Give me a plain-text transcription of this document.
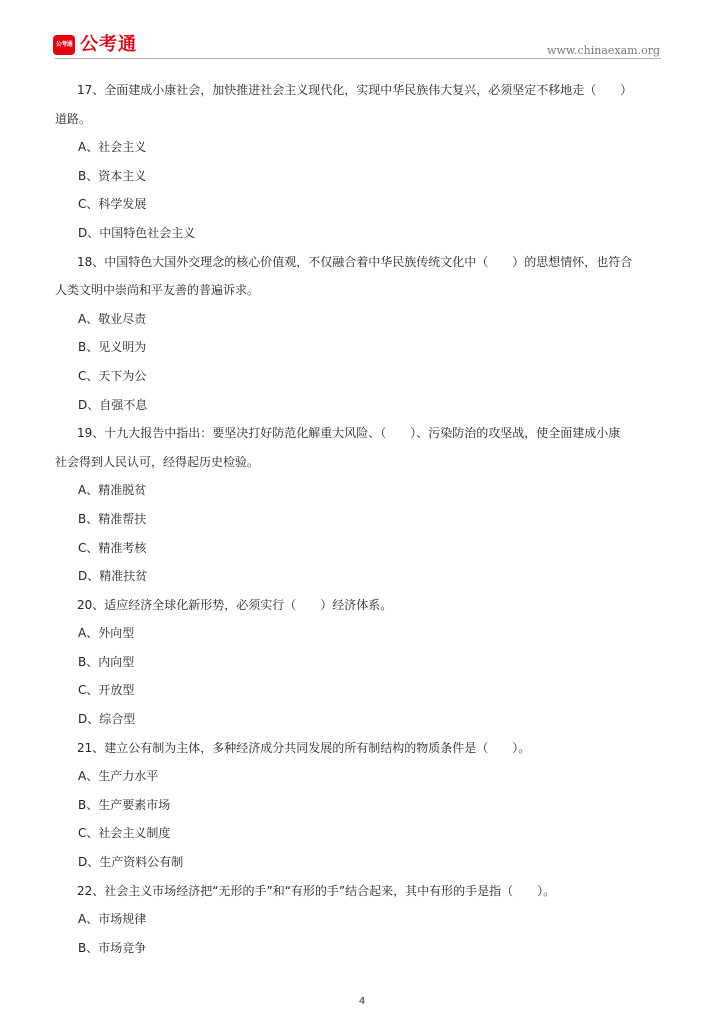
公考通 公考通	www.chinaexam.org
17、全面建成小康社会，加快推进社会主义现代化，实现中华民族伟大复兴，必须坚定不移地走（　　）
道路。
A、社会主义
B、资本主义
C、科学发展
D、中国特色社会主义
18、中国特色大国外交理念的核心价值观，不仅融合着中华民族传统文化中（　　）的思想情怀，也符合
人类文明中崇尚和平友善的普遍诉求。
A、敬业尽责
B、见义明为
C、天下为公
D、自强不息
19、十九大报告中指出：要坚决打好防范化解重大风险、（　　）、污染防治的攻坚战，使全面建成小康
社会得到人民认可，经得起历史检验。
A、精准脱贫
B、精准帮扶
C、精准考核
D、精准扶贫
20、适应经济全球化新形势，必须实行（　　）经济体系。
A、外向型
B、内向型
C、开放型
D、综合型
21、建立公有制为主体，多种经济成分共同发展的所有制结构的物质条件是（　　）。
A、生产力水平
B、生产要素市场
C、社会主义制度
D、生产资料公有制
22、社会主义市场经济把“无形的手”和“有形的手”结合起来，其中有形的手是指（　　）。
A、市场规律
B、市场竞争
4
